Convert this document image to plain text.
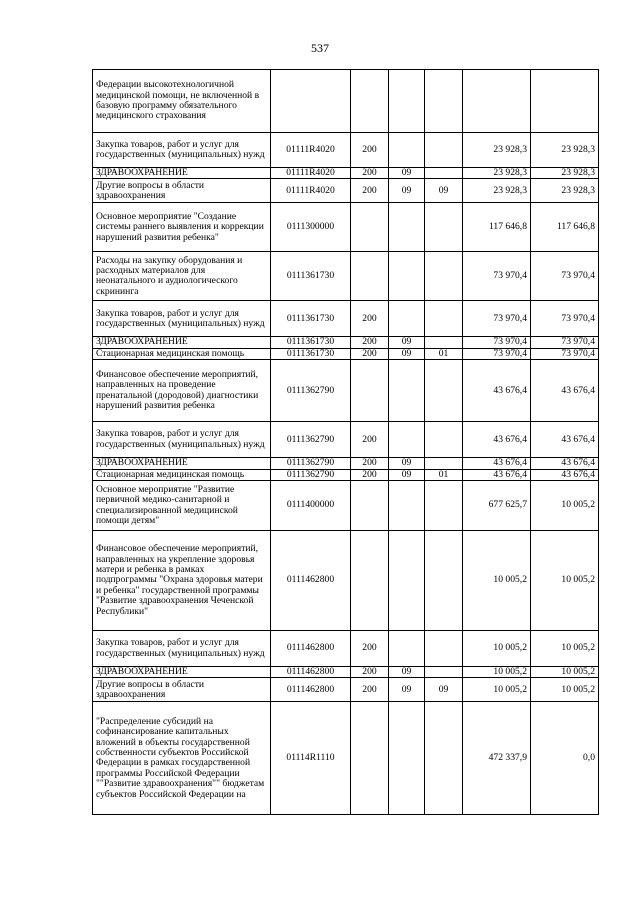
537
Федерации высокотехнологичной медицинской помощи, не включенной в базовую программу обязательного медицинского страхования						
Закупка товаров, работ и услуг для государственных (муниципальных) нужд	01111R4020	200			23 928,3	23 928,3
ЗДРАВООХРАНЕНИЕ	01111R4020	200	09		23 928,3	23 928,3
Другие вопросы в области здравоохранения	01111R4020	200	09	09	23 928,3	23 928,3
Основное мероприятие "Создание системы раннего выявления и коррекции нарушений развития ребенка"	0111300000				117 646,8	117 646,8
Расходы на закупку оборудования и расходных материалов для неонатального и аудиологического скрининга	0111361730				73 970,4	73 970,4
Закупка товаров, работ и услуг для государственных (муниципальных) нужд	0111361730	200			73 970,4	73 970,4
ЗДРАВООХРАНЕНИЕ	0111361730	200	09		73 970,4	73 970,4
Стационарная медицинская помощь	0111361730	200	09	01	73 970,4	73 970,4
Финансовое обеспечение мероприятий, направленных на проведение пренатальной (дородовой) диагностики нарушений развития ребенка	0111362790				43 676,4	43 676,4
Закупка товаров, работ и услуг для государственных (муниципальных) нужд	0111362790	200			43 676,4	43 676,4
ЗДРАВООХРАНЕНИЕ	0111362790	200	09		43 676,4	43 676,4
Стационарная медицинская помощь	0111362790	200	09	01	43 676,4	43 676,4
Основное мероприятие "Развитие первичной медико-санитарной и специализированной медицинской помощи детям"	0111400000				677 625,7	10 005,2
Финансовое обеспечение мероприятий, направленных на укрепление здоровья матери и ребенка в рамках подпрограммы "Охрана здоровья матери и ребенка" государственной программы "Развитие здравоохранения Чеченской Республики"	0111462800				10 005,2	10 005,2
Закупка товаров, работ и услуг для государственных (муниципальных) нужд	0111462800	200			10 005,2	10 005,2
ЗДРАВООХРАНЕНИЕ	0111462800	200	09		10 005,2	10 005,2
Другие вопросы в области здравоохранения	0111462800	200	09	09	10 005,2	10 005,2
"Распределение субсидий на софинансирование капитальных вложений в объекты государственной собственности субъектов Российской Федерации в рамках государственной программы Российской Федерации ""Развитие здравоохранения"" бюджетам субъектов Российской Федерации на	01114R1110				472 337,9	0,0
